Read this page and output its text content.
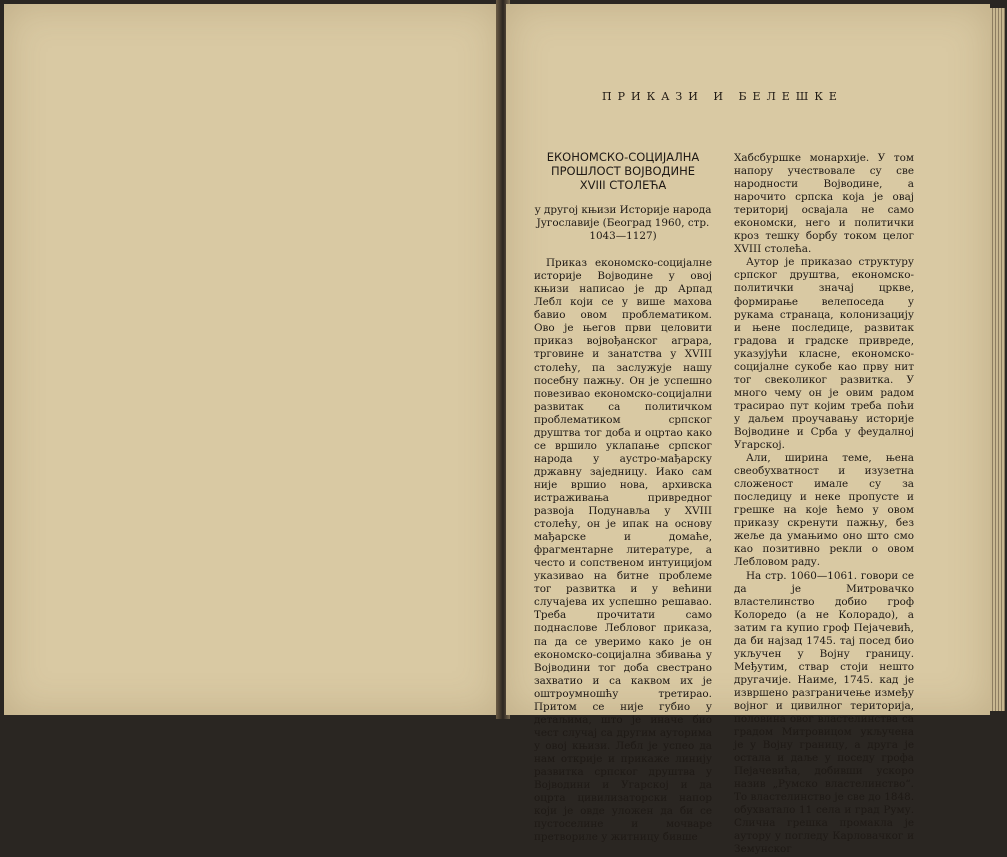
ПРИКАЗИ И БЕЛЕШКЕ
ЕКОНОМСКО-СОЦИЈАЛНА
ПРОШЛОСТ ВОЈВОДИНЕ
XVIII СТОЛЕЋА

у другој књизи Историје народа Југославије (Београд 1960, стр. 1043—1127)

Приказ економско-социјалне историје Војводине у овој књизи написао је др Арпад Лебл који се у више махова бавио овом проблематиком. Ово је његов први целовити приказ војвођанског аграра, трговине и занатства у XVIII столећу, па заслужује нашу посебну пажњу. Он је успешно повезивао економско-социјални развитак са политичком проблематиком српског друштва тог доба и оцртао како се вршило уклапање српског народа у аустро-мађарску државну заједницу. Иако сам није вршио нова, архивска истраживања привредног развоја Подунавља у XVIII столећу, он је ипак на основу мађарске и домаће, фрагментарне литературе, а често и сопственом интуицијом указивао на битне проблеме тог развитка и у већини случајева их успешно решавао. Треба прочитати само поднаслове Лебловог приказа, па да се уверимо како је он економско-социјална збивања у Војводини тог доба свестрано захватио и са каквом их је оштроумношћу третирао. Притом се није губио у детаљима, што је иначе био чест случај са другим ауторима у овој књизи. Лебл је успео да нам открије и прикаже линију развитка српског друштва у Војводини и Угарској и да оцрта цивилизаторски напор који је овде уложен да би се пустоселине и мочваре претвориле у житницу бивше

Хабсбуршке монархије. У том напору учествовале су све народности Војводине, а нарочито српска која је овај териториј освајала не само економски, него и политички кроз тешку борбу током целог XVIII столећа.

Аутор је приказао структуру српског друштва, економско-политички значај цркве, формирање велепоседа у рукама странаца, колонизацију и њене последице, развитак градова и градске привреде, указујући класне, економско-социјалне сукобе као прву нит тог свеколиког развитка. У много чему он је овим радом трасирао пут којим треба поћи у даљем проучавању историје Војводине и Срба у феудалној Угарској.

Али, ширина теме, њена свеобухватност и изузетна сложеност имале су за последицу и неке пропусте и грешке на које ћемо у овом приказу скренути пажњу, без жеље да умањимо оно што смо као позитивно рекли о овом Лебловом раду.

На стр. 1060—1061. говори се да је Митровачко властелинство добио гроф Колоредо (а не Колорадо), а затим га купио гроф Пејачевић, да би најзад 1745. тај посед био укључен у Војну границу. Међутим, ствар стоји нешто другачије. Наиме, 1745. кад је извршено разграничење између војног и цивилног територија, половина овог властелинства са градом Митровицом укључена је у Војну границу, а друга је остала и даље у поседу грофа Пејачевића, добивши ускоро назив „Румско властелинство“. То властелинство је све до 1848. обухватало 11 села и град Руму. Слична грешка промакла је аутору у погледу Карловачког и Земунског
